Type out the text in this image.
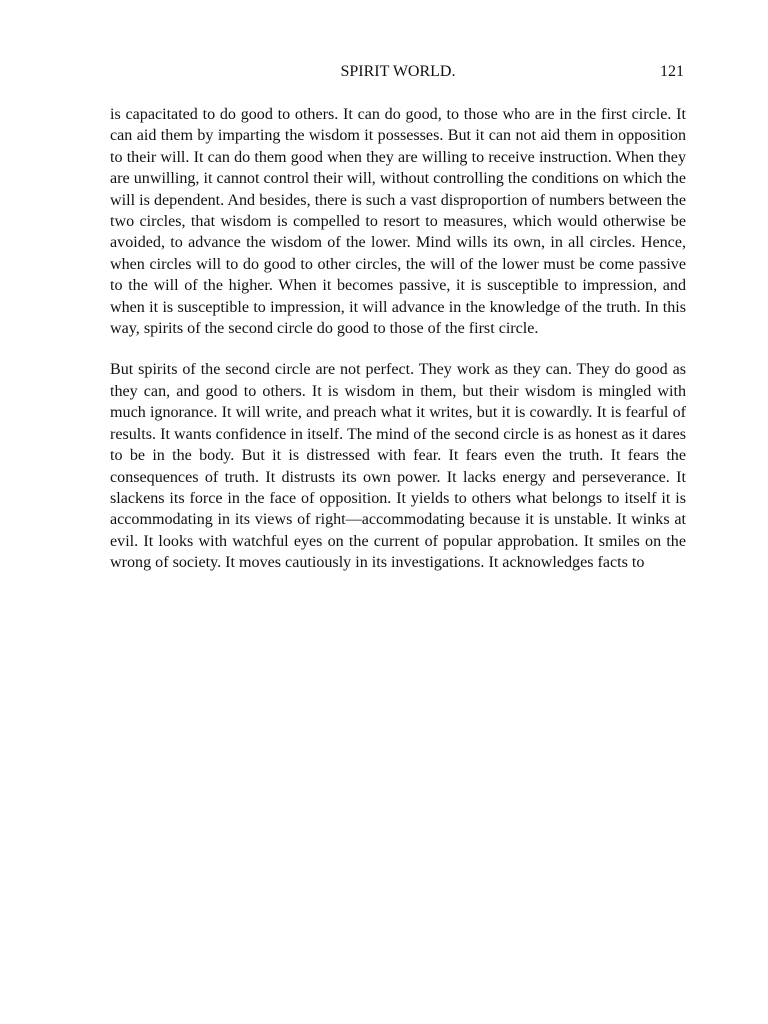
SPIRIT WORLD.	121

is capacitated to do good to others. It can do good, to those who are in the first circle. It can aid them by imparting the wisdom it possesses. But it can not aid them in opposition to their will. It can do them good when they are willing to receive instruction. When they are unwilling, it cannot control their will, without controlling the conditions on which the will is dependent. And besides, there is such a vast disproportion of numbers between the two circles, that wisdom is compelled to resort to measures, which would otherwise be avoided, to advance the wisdom of the lower. Mind wills its own, in all circles. Hence, when circles will to do good to other circles, the will of the lower must be come passive to the will of the higher. When it becomes passive, it is susceptible to impression, and when it is susceptible to impression, it will advance in the knowledge of the truth. In this way, spirits of the second circle do good to those of the first circle.

But spirits of the second circle are not perfect. They work as they can. They do good as they can, and good to others. It is wisdom in them, but their wisdom is mingled with much ignorance. It will write, and preach what it writes, but it is cowardly. It is fearful of results. It wants confidence in itself. The mind of the second circle is as honest as it dares to be in the body. But it is distressed with fear. It fears even the truth. It fears the consequences of truth. It distrusts its own power. It lacks energy and perseverance. It slackens its force in the face of opposition. It yields to others what belongs to itself it is accommodating in its views of right—accommodating because it is unstable. It winks at evil. It looks with watchful eyes on the current of popular approbation. It smiles on the wrong of society. It moves cautiously in its investigations. It acknowledges facts to
